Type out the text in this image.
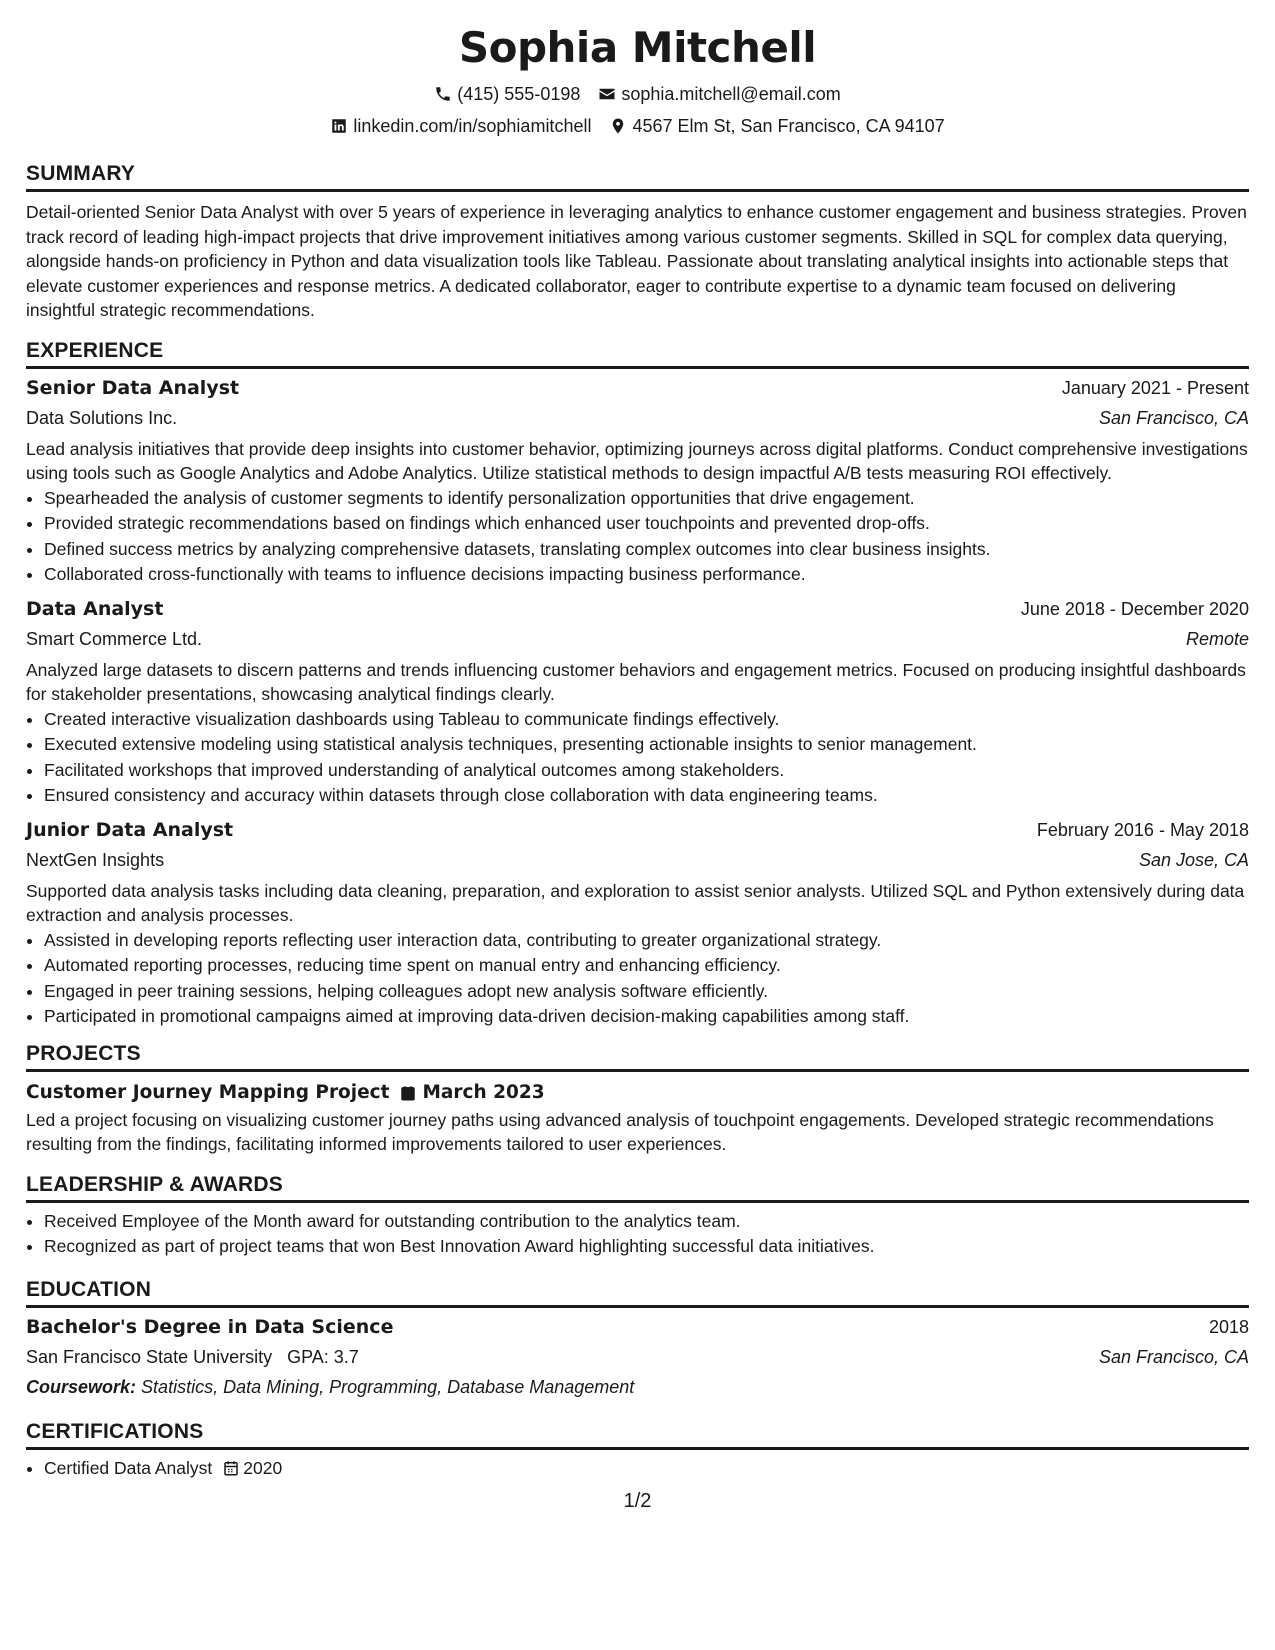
Sophia Mitchell
(415) 555-0198 sophia.mitchell@email.com
linkedin.com/in/sophiamitchell 4567 Elm St, San Francisco, CA 94107
SUMMARY

Detail-oriented Senior Data Analyst with over 5 years of experience in leveraging analytics to enhance customer engagement and business strategies. Proven track record of leading high-impact projects that drive improvement initiatives among various customer segments. Skilled in SQL for complex data querying, alongside hands-on proficiency in Python and data visualization tools like Tableau. Passionate about translating analytical insights into actionable steps that elevate customer experiences and response metrics. A dedicated collaborator, eager to contribute expertise to a dynamic team focused on delivering insightful strategic recommendations.

EXPERIENCE
Senior Data Analyst	January 2021 - Present
Data Solutions Inc.	San Francisco, CA

Lead analysis initiatives that provide deep insights into customer behavior, optimizing journeys across digital platforms. Conduct comprehensive investigations using tools such as Google Analytics and Adobe Analytics. Utilize statistical methods to design impactful A/B tests measuring ROI effectively.

• Spearheaded the analysis of customer segments to identify personalization opportunities that drive engagement.
• Provided strategic recommendations based on findings which enhanced user touchpoints and prevented drop-offs.
• Defined success metrics by analyzing comprehensive datasets, translating complex outcomes into clear business insights.
• Collaborated cross-functionally with teams to influence decisions impacting business performance.
Data Analyst	June 2018 - December 2020
Smart Commerce Ltd.	Remote

Analyzed large datasets to discern patterns and trends influencing customer behaviors and engagement metrics. Focused on producing insightful dashboards for stakeholder presentations, showcasing analytical findings clearly.

• Created interactive visualization dashboards using Tableau to communicate findings effectively.
• Executed extensive modeling using statistical analysis techniques, presenting actionable insights to senior management.
• Facilitated workshops that improved understanding of analytical outcomes among stakeholders.
• Ensured consistency and accuracy within datasets through close collaboration with data engineering teams.
Junior Data Analyst	February 2016 - May 2018
NextGen Insights	San Jose, CA

Supported data analysis tasks including data cleaning, preparation, and exploration to assist senior analysts. Utilized SQL and Python extensively during data extraction and analysis processes.

• Assisted in developing reports reflecting user interaction data, contributing to greater organizational strategy.
• Automated reporting processes, reducing time spent on manual entry and enhancing efficiency.
• Engaged in peer training sessions, helping colleagues adopt new analysis software efficiently.
• Participated in promotional campaigns aimed at improving data-driven decision-making capabilities among staff.
PROJECTS
Customer Journey Mapping Project March 2023

Led a project focusing on visualizing customer journey paths using advanced analysis of touchpoint engagements. Developed strategic recommendations resulting from the findings, facilitating informed improvements tailored to user experiences.

LEADERSHIP & AWARDS
• Received Employee of the Month award for outstanding contribution to the analytics team.
• Recognized as part of project teams that won Best Innovation Award highlighting successful data initiatives.
EDUCATION
Bachelor's Degree in Data Science	2018
San Francisco State University GPA: 3.7	San Francisco, CA
Coursework: Statistics, Data Mining, Programming, Database Management
CERTIFICATIONS
• Certified Data Analyst 2020
1/2
